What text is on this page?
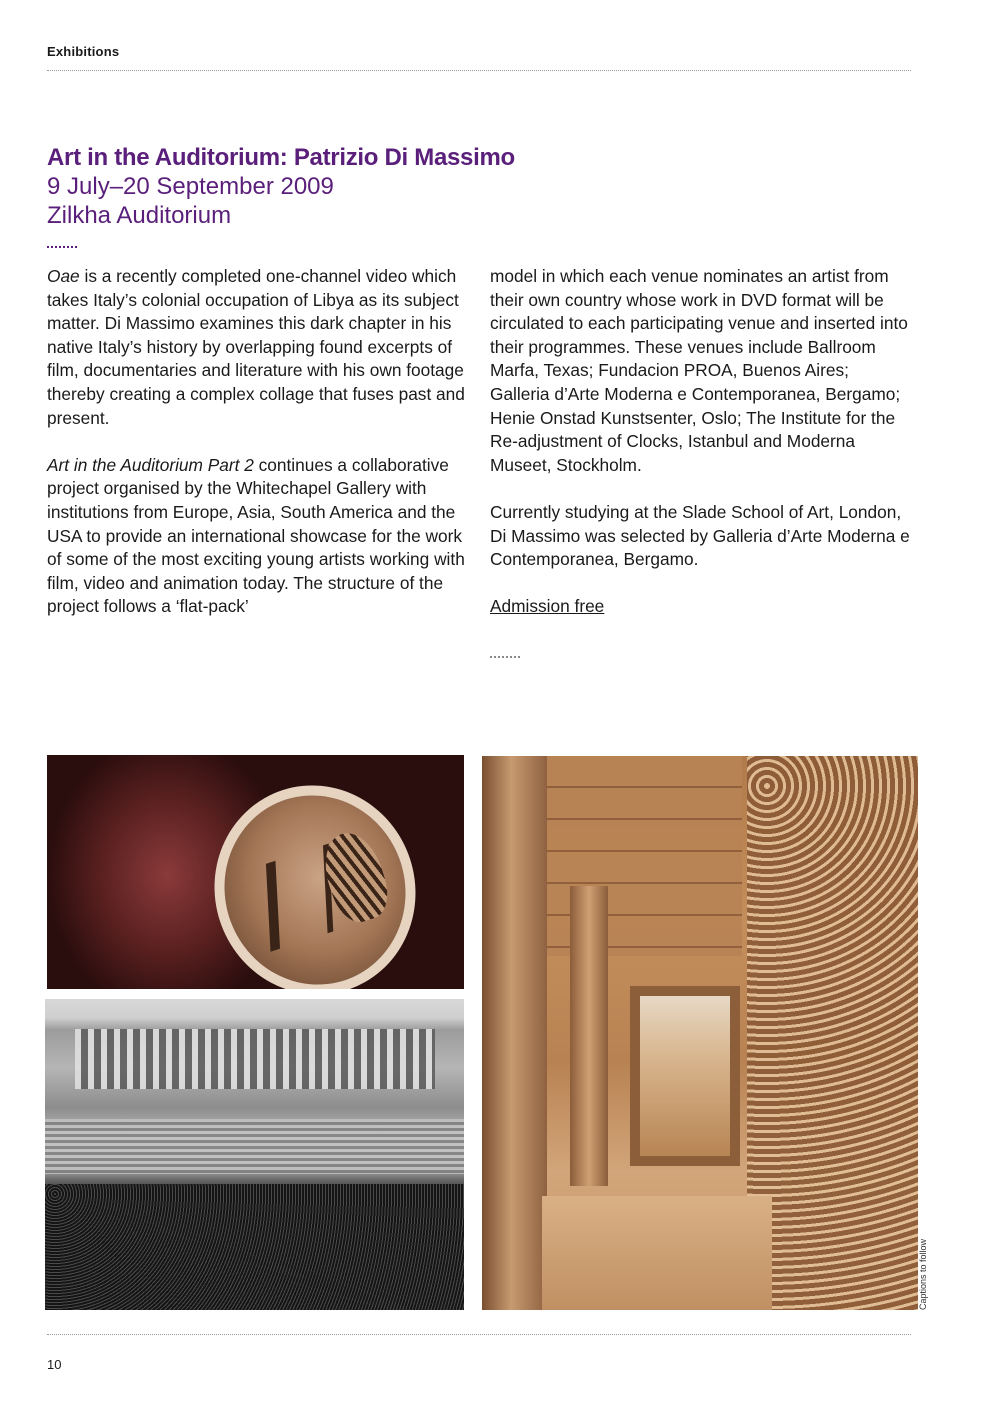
Exhibitions
Art in the Auditorium: Patrizio Di Massimo
9 July–20 September 2009
Zilkha Auditorium

Oae is a recently completed one-channel video which takes Italy’s colonial occupation of Libya as its subject matter. Di Massimo examines this dark chapter in his native Italy’s history by overlapping found excerpts of film, documentaries and literature with his own footage thereby creating a complex collage that fuses past and present.

Art in the Auditorium Part 2 continues a collaborative project organised by the Whitechapel Gallery with institutions from Europe, Asia, South America and the USA to provide an international showcase for the work of some of the most exciting young artists working with film, video and animation today. The structure of the project follows a ‘flat-pack’

model in which each venue nominates an artist from their own country whose work in DVD format will be circulated to each participating venue and inserted into their programmes. These venues include Ballroom Marfa, Texas; Fundacion PROA, Buenos Aires; Galleria d’Arte Moderna e Contemporanea, Bergamo; Henie Onstad Kunstsenter, Oslo; The Institute for the Re-adjustment of Clocks, Istanbul and Moderna Museet, Stockholm.

Currently studying at the Slade School of Art, London, Di Massimo was selected by Galleria d’Arte Moderna e Contemporanea, Bergamo.

Admission free

Captions to follow
10
